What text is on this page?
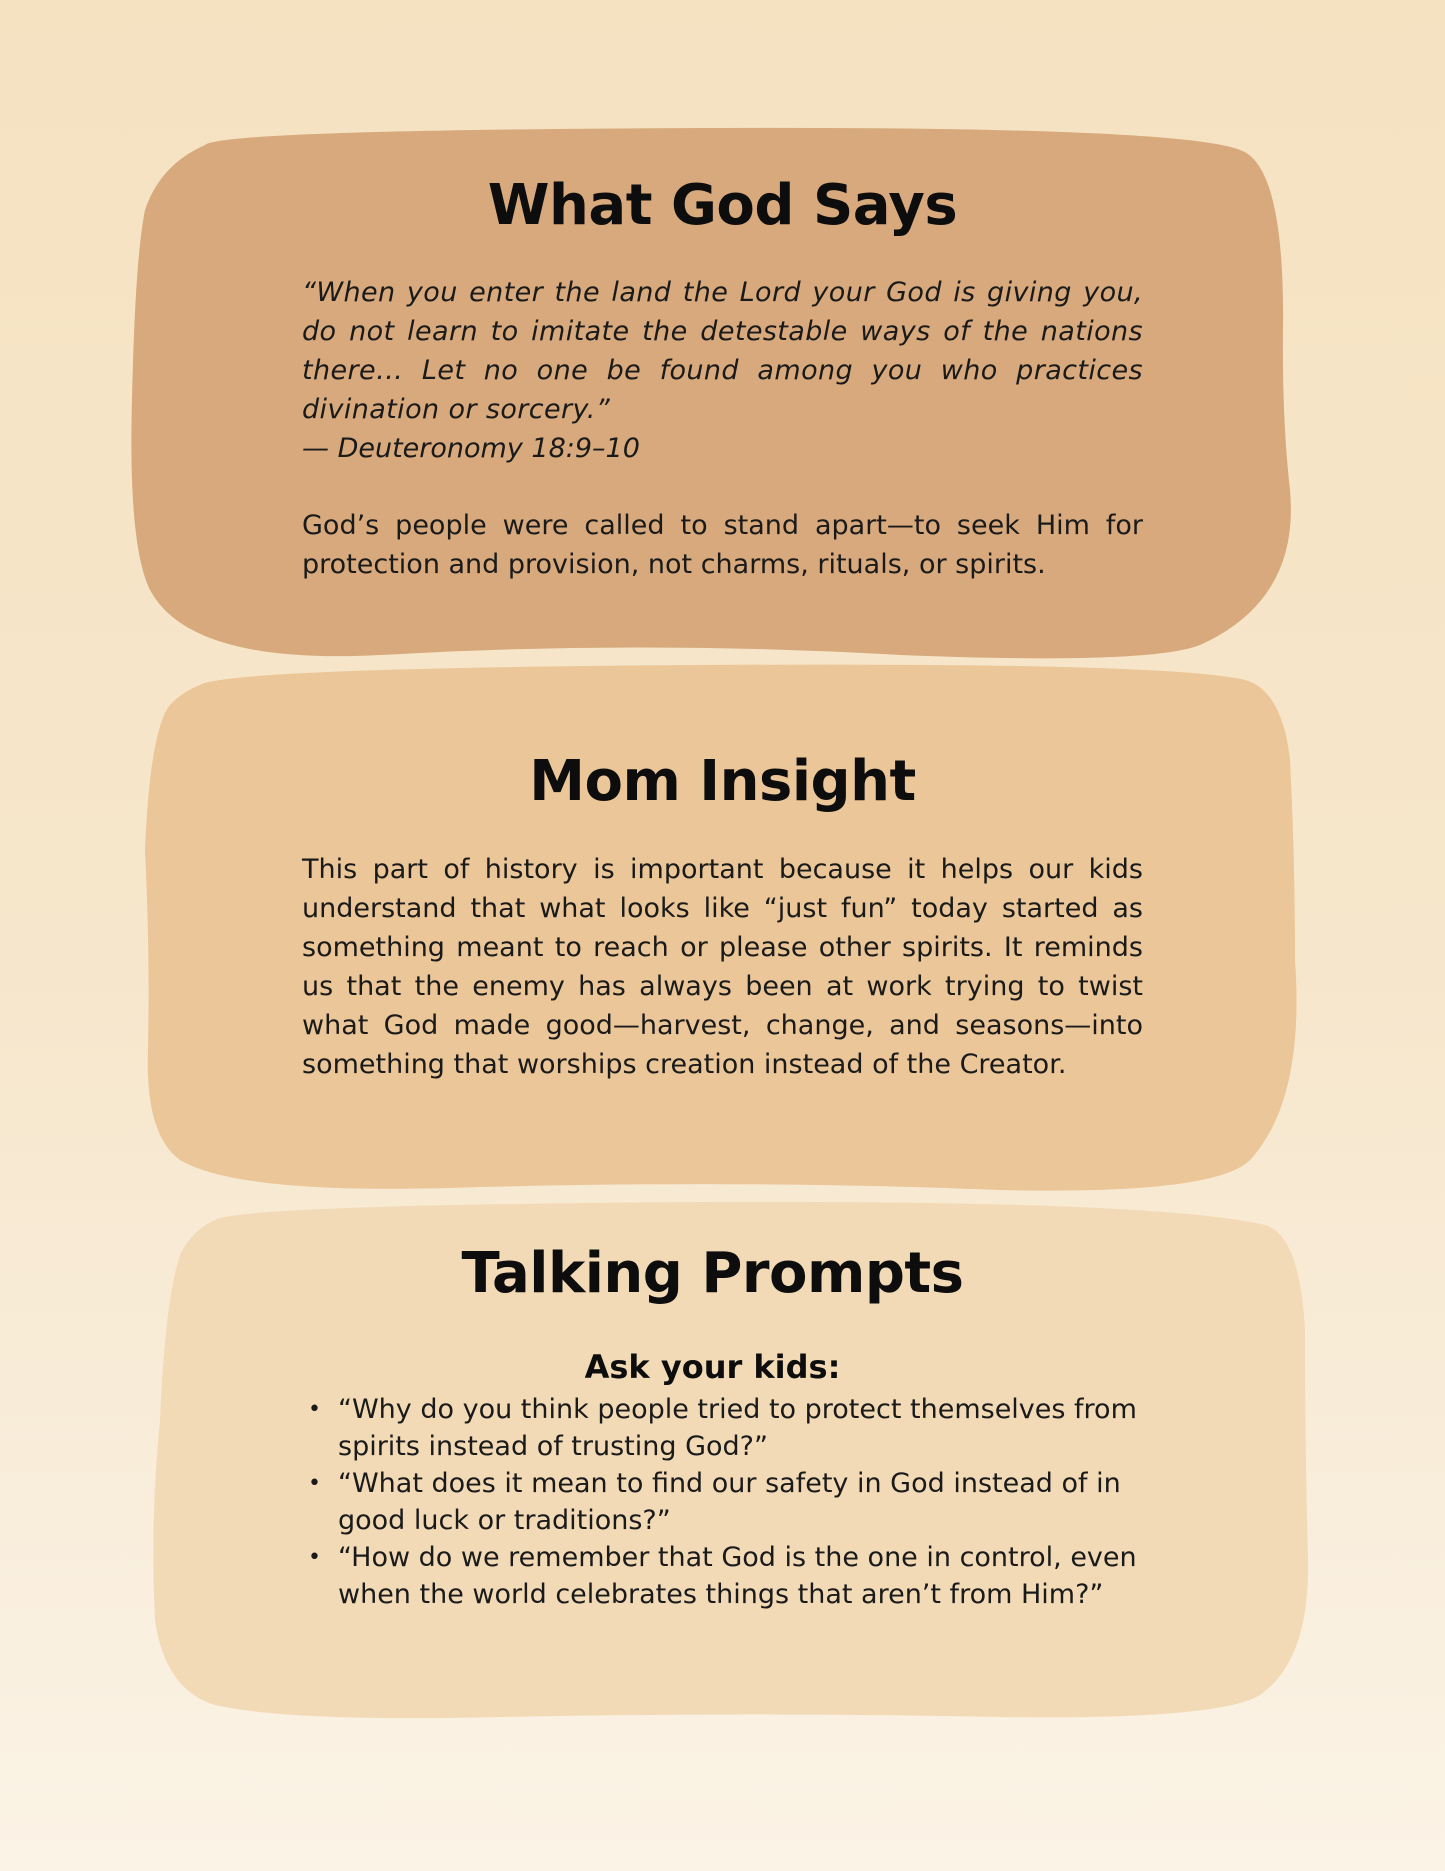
What God Says

“When you enter the land the Lord your God is giving you, do not learn to imitate the detestable ways of the nations there… Let no one be found among you who practices divination or sorcery.”

— Deuteronomy 18:9–10

God’s people were called to stand apart—to seek Him for protection and provision, not charms, rituals, or spirits.

Mom Insight

This part of history is important because it helps our kids understand that what looks like “just fun” today started as something meant to reach or please other spirits. It reminds us that the enemy has always been at work trying to twist what God made good—harvest, change, and seasons—into something that worships creation instead of the Creator.

Talking Prompts

Ask your kids:

• “Why do you think people tried to protect themselves from spirits instead of trusting God?”
• “What does it mean to find our safety in God instead of in good luck or traditions?”
• “How do we remember that God is the one in control, even when the world celebrates things that aren’t from Him?”
